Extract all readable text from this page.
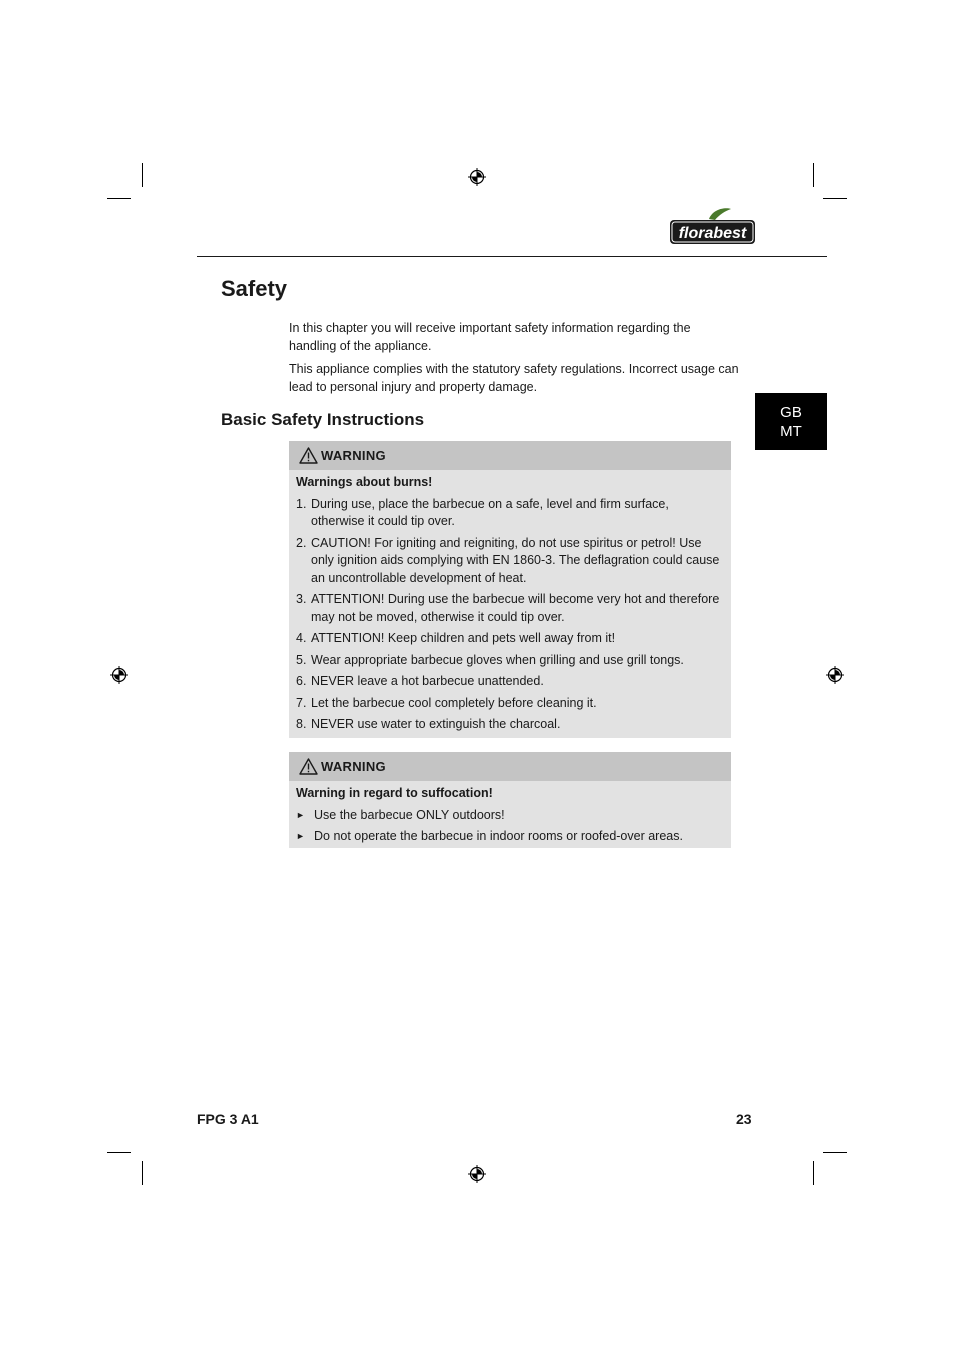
florabest
Safety

In this chapter you will receive important safety information regarding the handling of the appliance.

This appliance complies with the statutory safety regulations. Incorrect usage can lead to personal injury and property damage.

GB
MT
Basic Safety Instructions
WARNING
Warnings about burns!
1. During use, place the barbecue on a safe, level and firm surface, otherwise it could tip over.
2. CAUTION! For igniting and reigniting, do not use spiritus or petrol! Use only ignition aids complying with EN 1860-3. The deflagration could cause an uncontrollable development of heat.
3. ATTENTION! During use the barbecue will become very hot and therefore may not be moved, otherwise it could tip over.
4. ATTENTION! Keep children and pets well away from it!
5. Wear appropriate barbecue gloves when grilling and use grill tongs.
6. NEVER leave a hot barbecue unattended.
7. Let the barbecue cool completely before cleaning it.
8. NEVER use water to extinguish the charcoal.
WARNING
Warning in regard to suffocation!
► Use the barbecue ONLY outdoors!
► Do not operate the barbecue in indoor rooms or roofed-over areas.
FPG 3 A1	23
